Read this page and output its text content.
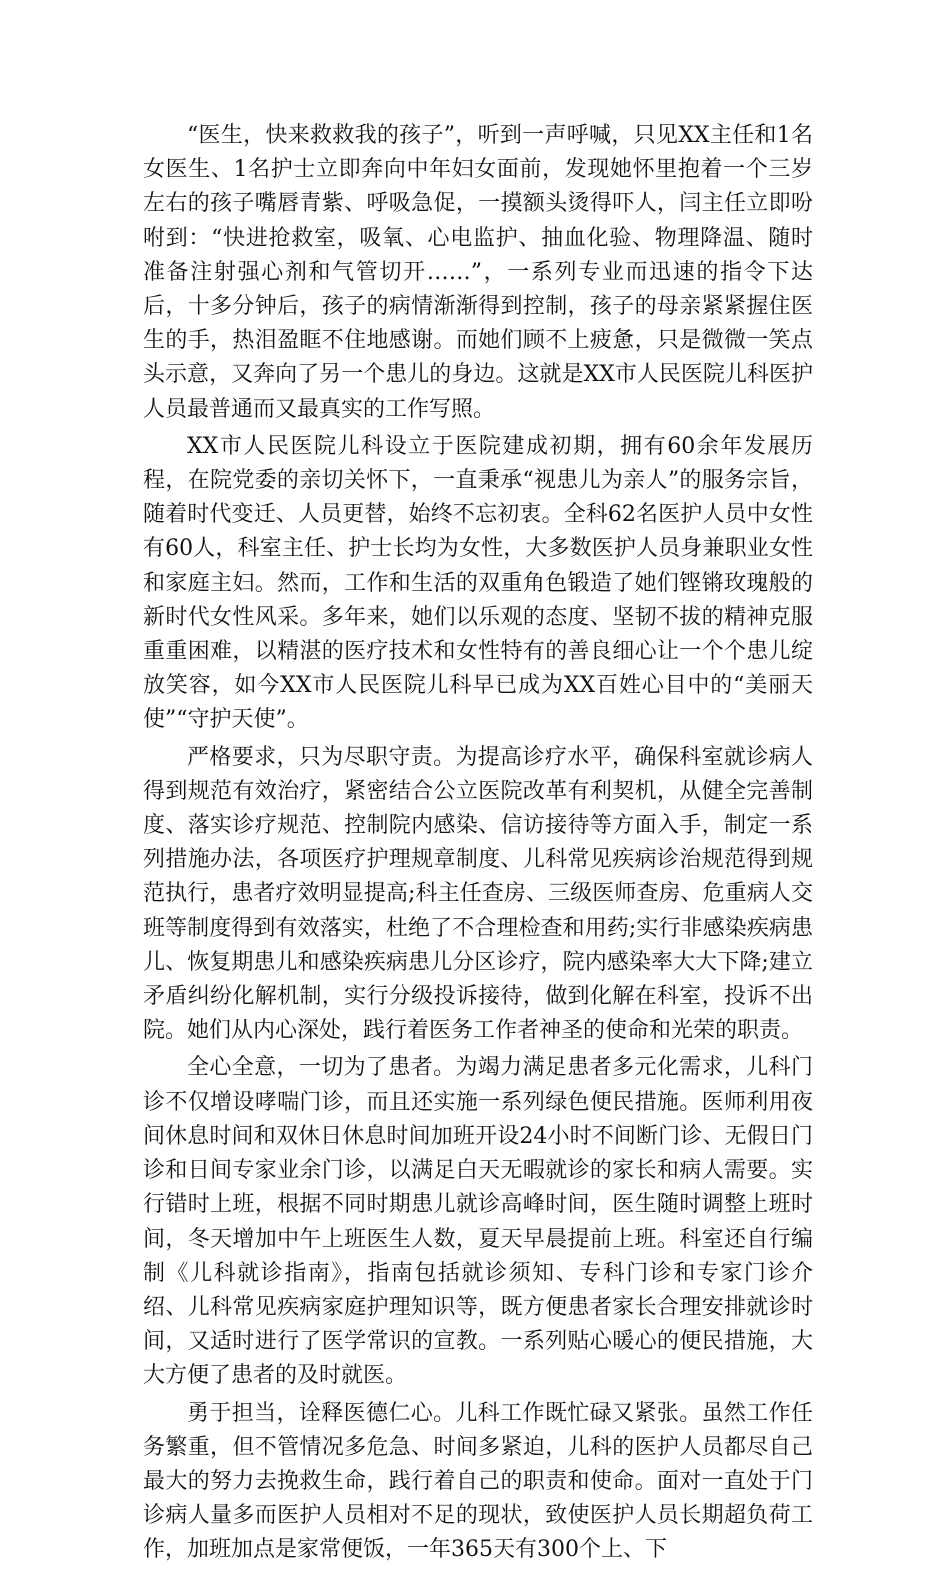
“医生，快来救救我的孩子”，听到一声呼喊，只见XX主任和1名女医生、1名护士立即奔向中年妇女面前，发现她怀里抱着一个三岁左右的孩子嘴唇青紫、呼吸急促，一摸额头烫得吓人，闫主任立即吩咐到：“快进抢救室，吸氧、心电监护、抽血化验、物理降温、随时准备注射强心剂和气管切开……”，一系列专业而迅速的指令下达后，十多分钟后，孩子的病情渐渐得到控制，孩子的母亲紧紧握住医生的手，热泪盈眶不住地感谢。而她们顾不上疲惫，只是微微一笑点头示意，又奔向了另一个患儿的身边。这就是XX市人民医院儿科医护人员最普通而又最真实的工作写照。

XX市人民医院儿科设立于医院建成初期，拥有60余年发展历程，在院党委的亲切关怀下，一直秉承“视患儿为亲人”的服务宗旨，随着时代变迁、人员更替，始终不忘初衷。全科62名医护人员中女性有60人，科室主任、护士长均为女性，大多数医护人员身兼职业女性和家庭主妇。然而，工作和生活的双重角色锻造了她们铿锵玫瑰般的新时代女性风采。多年来，她们以乐观的态度、坚韧不拔的精神克服重重困难，以精湛的医疗技术和女性特有的善良细心让一个个患儿绽放笑容，如今XX市人民医院儿科早已成为XX百姓心目中的“美丽天使”“守护天使”。

严格要求，只为尽职守责。为提高诊疗水平，确保科室就诊病人得到规范有效治疗，紧密结合公立医院改革有利契机，从健全完善制度、落实诊疗规范、控制院内感染、信访接待等方面入手，制定一系列措施办法，各项医疗护理规章制度、儿科常见疾病诊治规范得到规范执行，患者疗效明显提高;科主任查房、三级医师查房、危重病人交班等制度得到有效落实，杜绝了不合理检查和用药;实行非感染疾病患儿、恢复期患儿和感染疾病患儿分区诊疗，院内感染率大大下降;建立矛盾纠纷化解机制，实行分级投诉接待，做到化解在科室，投诉不出院。她们从内心深处，践行着医务工作者神圣的使命和光荣的职责。

全心全意，一切为了患者。为竭力满足患者多元化需求，儿科门诊不仅增设哮喘门诊，而且还实施一系列绿色便民措施。医师利用夜间休息时间和双休日休息时间加班开设24小时不间断门诊、无假日门诊和日间专家业余门诊，以满足白天无暇就诊的家长和病人需要。实行错时上班，根据不同时期患儿就诊高峰时间，医生随时调整上班时间，冬天增加中午上班医生人数，夏天早晨提前上班。科室还自行编制《儿科就诊指南》，指南包括就诊须知、专科门诊和专家门诊介绍、儿科常见疾病家庭护理知识等，既方便患者家长合理安排就诊时间，又适时进行了医学常识的宣教。一系列贴心暖心的便民措施，大大方便了患者的及时就医。

勇于担当，诠释医德仁心。儿科工作既忙碌又紧张。虽然工作任务繁重，但不管情况多危急、时间多紧迫，儿科的医护人员都尽自己最大的努力去挽救生命，践行着自己的职责和使命。面对一直处于门诊病人量多而医护人员相对不足的现状，致使医护人员长期超负荷工作，加班加点是家常便饭，一年365天有300个上、下
